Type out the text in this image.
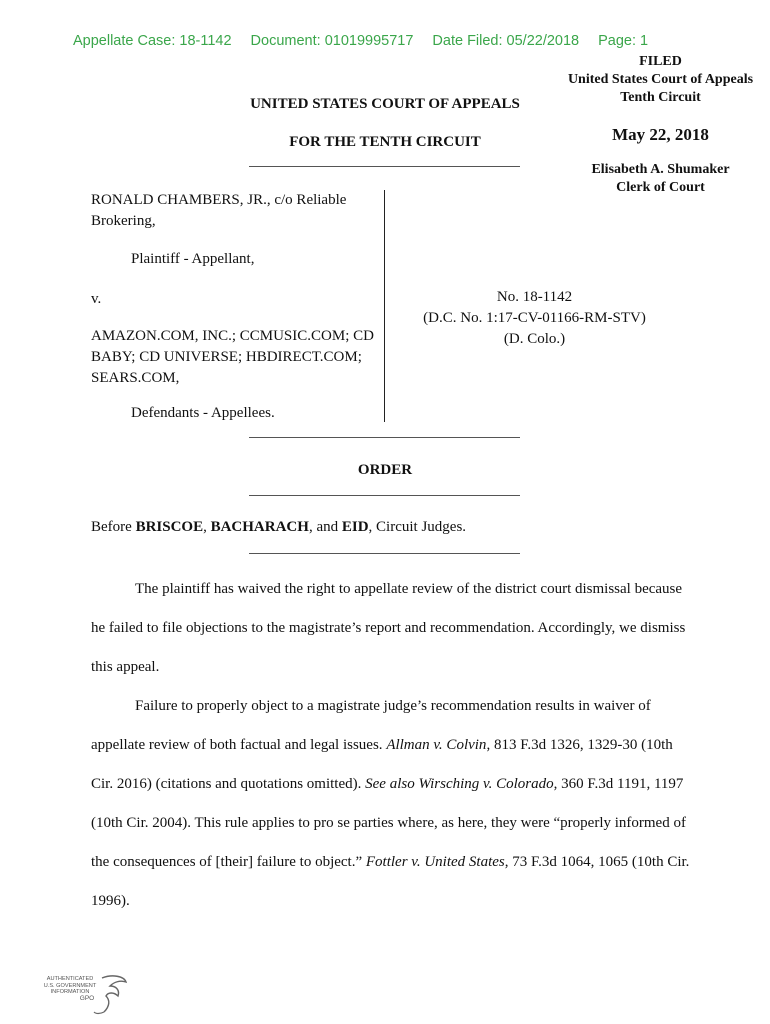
Appellate Case: 18-1142 Document: 01019995717 Date Filed: 05/22/2018 Page: 1
FILED
United States Court of Appeals
Tenth Circuit
May 22, 2018
Elisabeth A. Shumaker
Clerk of Court
UNITED STATES COURT OF APPEALS
FOR THE TENTH CIRCUIT
RONALD CHAMBERS, JR., c/o Reliable Brokering,
Plaintiff - Appellant,
v.
AMAZON.COM, INC.; CCMUSIC.COM; CD BABY; CD UNIVERSE; HBDIRECT.COM; SEARS.COM,
Defendants - Appellees.
No. 18-1142
(D.C. No. 1:17-CV-01166-RM-STV)
(D. Colo.)
ORDER
Before BRISCOE, BACHARACH, and EID, Circuit Judges.

The plaintiff has waived the right to appellate review of the district court dismissal because he failed to file objections to the magistrate’s report and recommendation. Accordingly, we dismiss this appeal.

Failure to properly object to a magistrate judge’s recommendation results in waiver of appellate review of both factual and legal issues. Allman v. Colvin, 813 F.3d 1326, 1329-30 (10th Cir. 2016) (citations and quotations omitted). See also Wirsching v. Colorado, 360 F.3d 1191, 1197 (10th Cir. 2004). This rule applies to pro se parties where, as here, they were “properly informed of the consequences of [their] failure to object.” Fottler v. United States, 73 F.3d 1064, 1065 (10th Cir. 1996).

AUTHENTICATED
U.S. GOVERNMENT
INFORMATION
GPO
